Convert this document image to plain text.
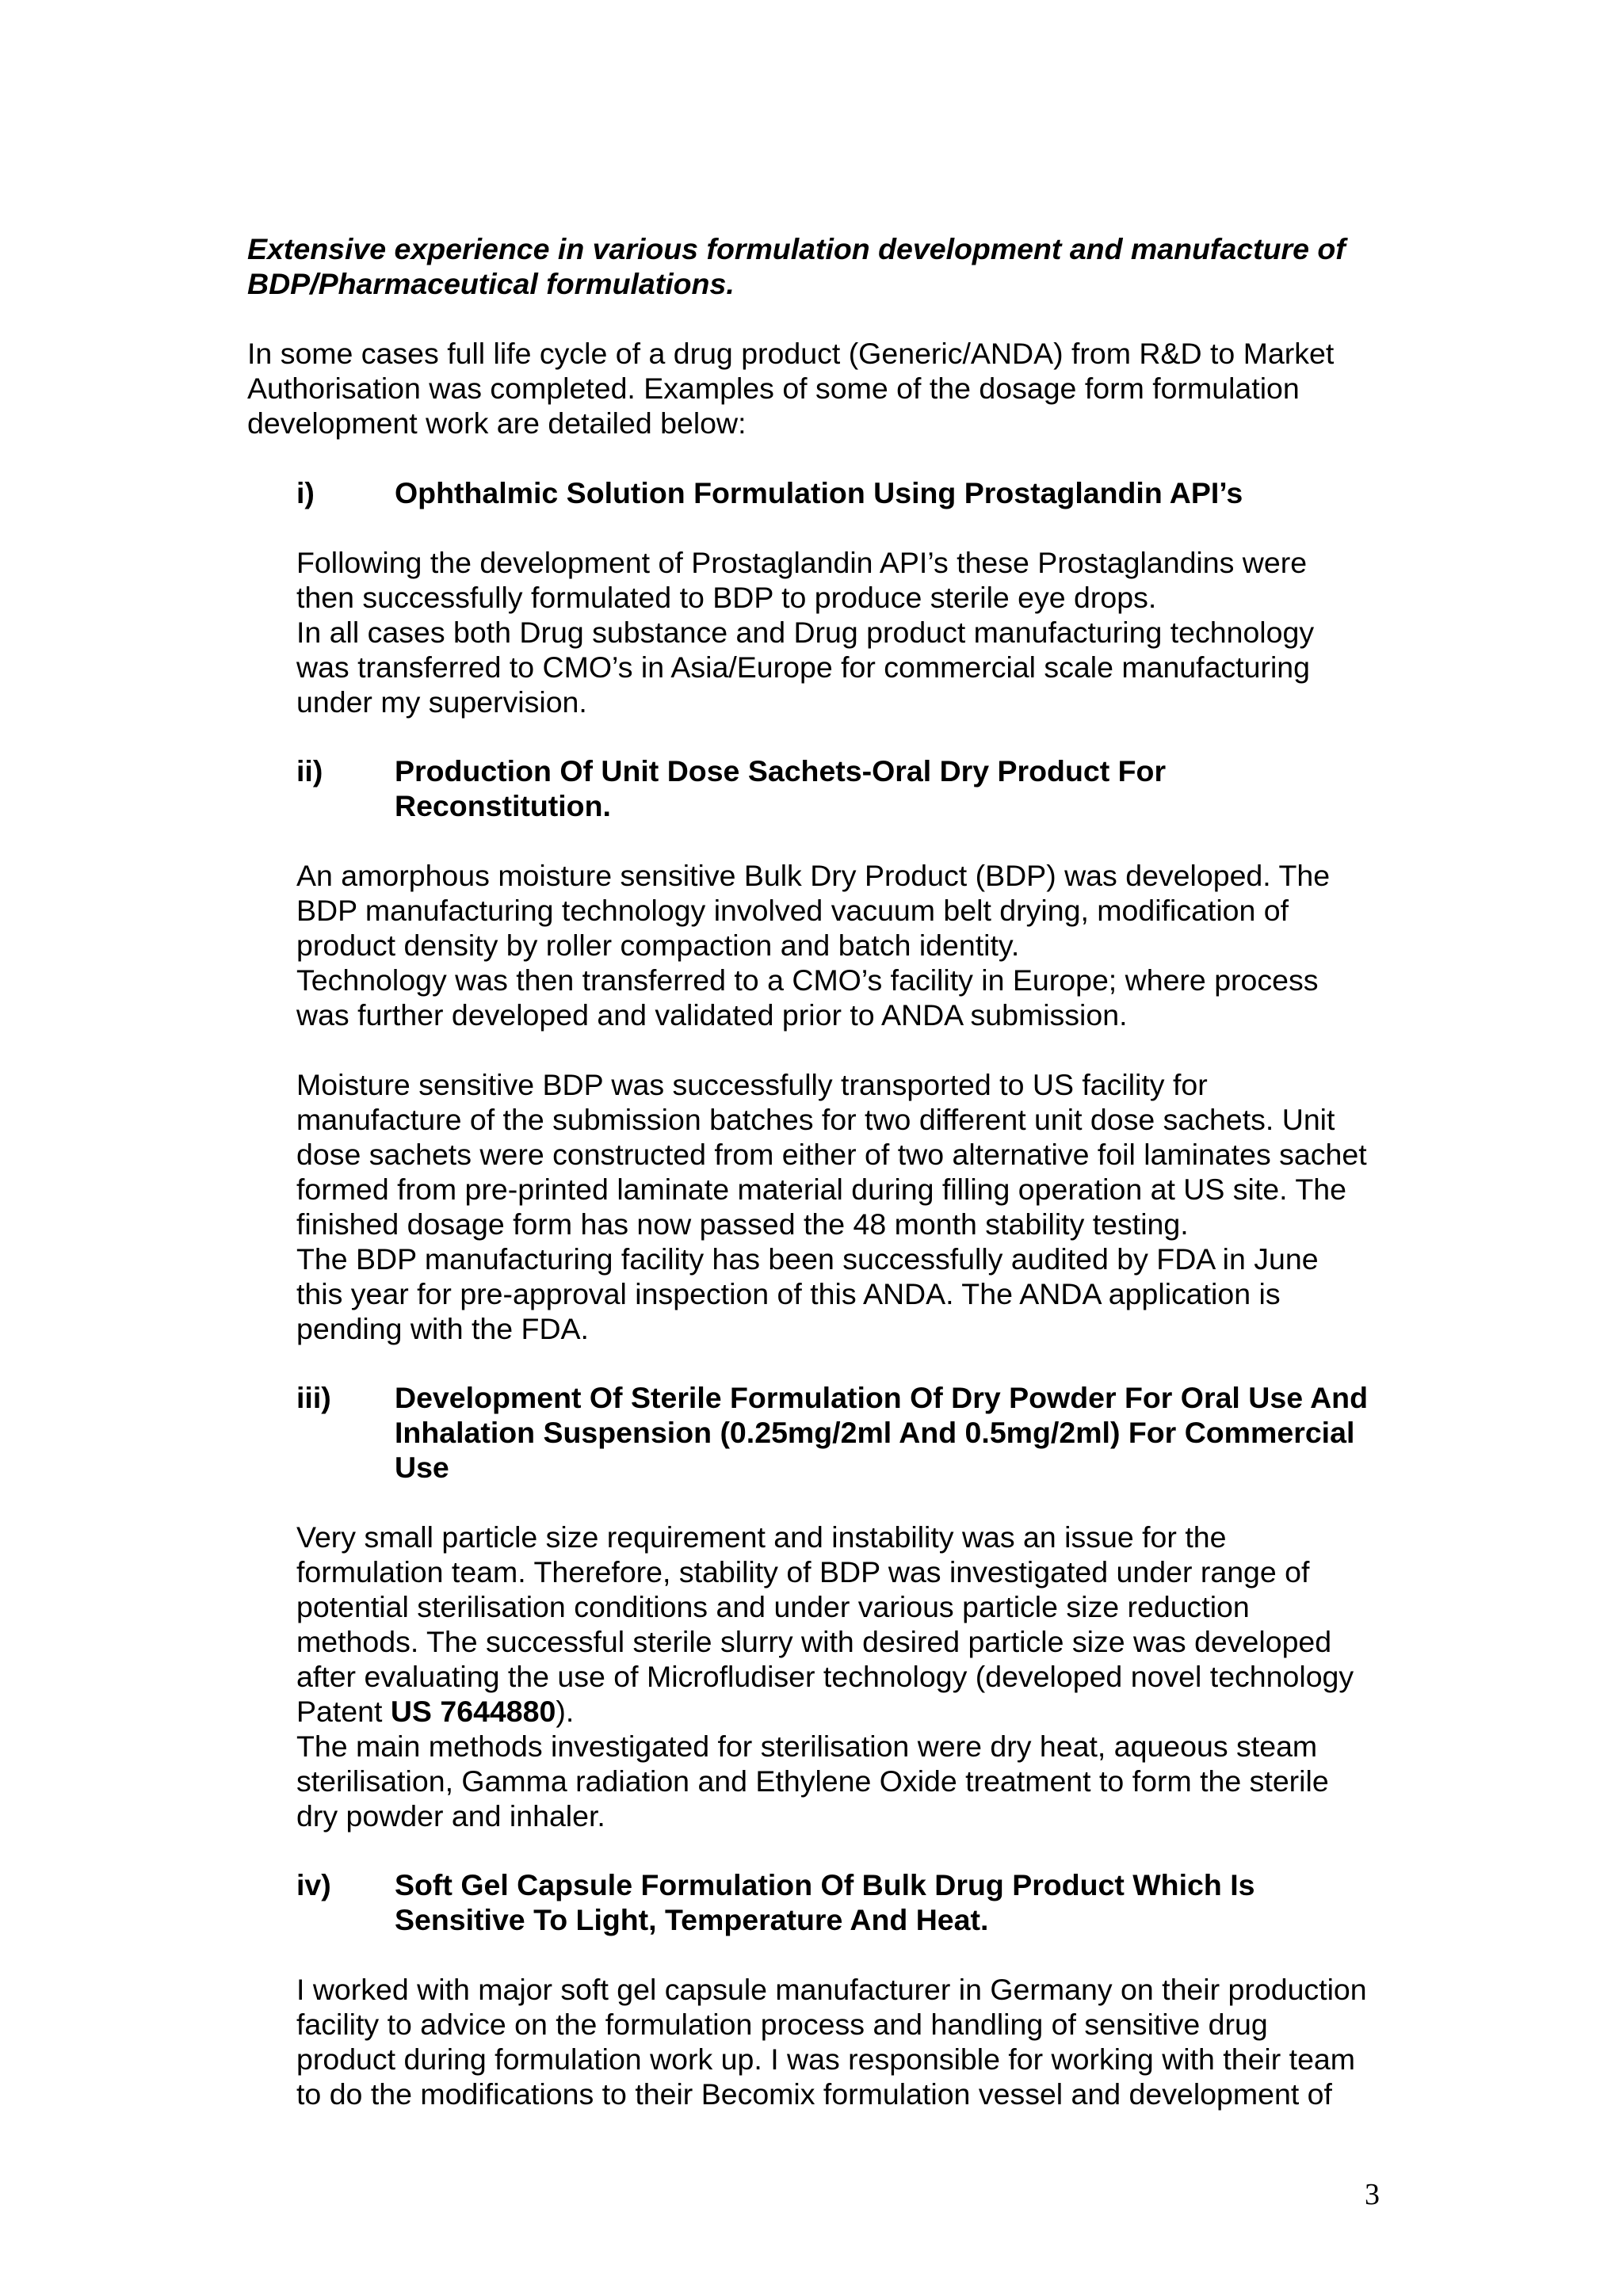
Extensive experience in various formulation development and manufacture of
BDP/Pharmaceutical formulations.
In some cases full life cycle of a drug product (Generic/ANDA) from R&D to Market
Authorisation was completed. Examples of some of the dosage form formulation
development work are detailed below:
i)	Ophthalmic Solution Formulation Using Prostaglandin API’s
Following the development of Prostaglandin API’s these Prostaglandins were
then successfully formulated to BDP to produce sterile eye drops.
In all cases both Drug substance and Drug product manufacturing technology
was transferred to CMO’s in Asia/Europe for commercial scale manufacturing
under my supervision.
ii) Production Of Unit Dose Sachets-Oral Dry Product For
Reconstitution.
An amorphous moisture sensitive Bulk Dry Product (BDP) was developed. The
BDP manufacturing technology involved vacuum belt drying, modification of
product density by roller compaction and batch identity.
Technology was then transferred to a CMO’s facility in Europe; where process
was further developed and validated prior to ANDA submission.
Moisture sensitive BDP was successfully transported to US facility for
manufacture of the submission batches for two different unit dose sachets. Unit
dose sachets were constructed from either of two alternative foil laminates sachet
formed from pre-printed laminate material during filling operation at US site. The
finished dosage form has now passed the 48 month stability testing.
The BDP manufacturing facility has been successfully audited by FDA in June
this year for pre-approval inspection of this ANDA. The ANDA application is
pending with the FDA.
iii) Development Of Sterile Formulation Of Dry Powder For Oral Use And
Inhalation Suspension (0.25mg/2ml And 0.5mg/2ml) For Commercial
Use
Very small particle size requirement and instability was an issue for the
formulation team. Therefore, stability of BDP was investigated under range of
potential sterilisation conditions and under various particle size reduction
methods. The successful sterile slurry with desired particle size was developed
after evaluating the use of Microfludiser technology (developed novel technology
Patent US 7644880).
The main methods investigated for sterilisation were dry heat, aqueous steam
sterilisation, Gamma radiation and Ethylene Oxide treatment to form the sterile
dry powder and inhaler.
iv) Soft Gel Capsule Formulation Of Bulk Drug Product Which Is
Sensitive To Light, Temperature And Heat.
I worked with major soft gel capsule manufacturer in Germany on their production
facility to advice on the formulation process and handling of sensitive drug
product during formulation work up. I was responsible for working with their team
to do the modifications to their Becomix formulation vessel and development of
3
